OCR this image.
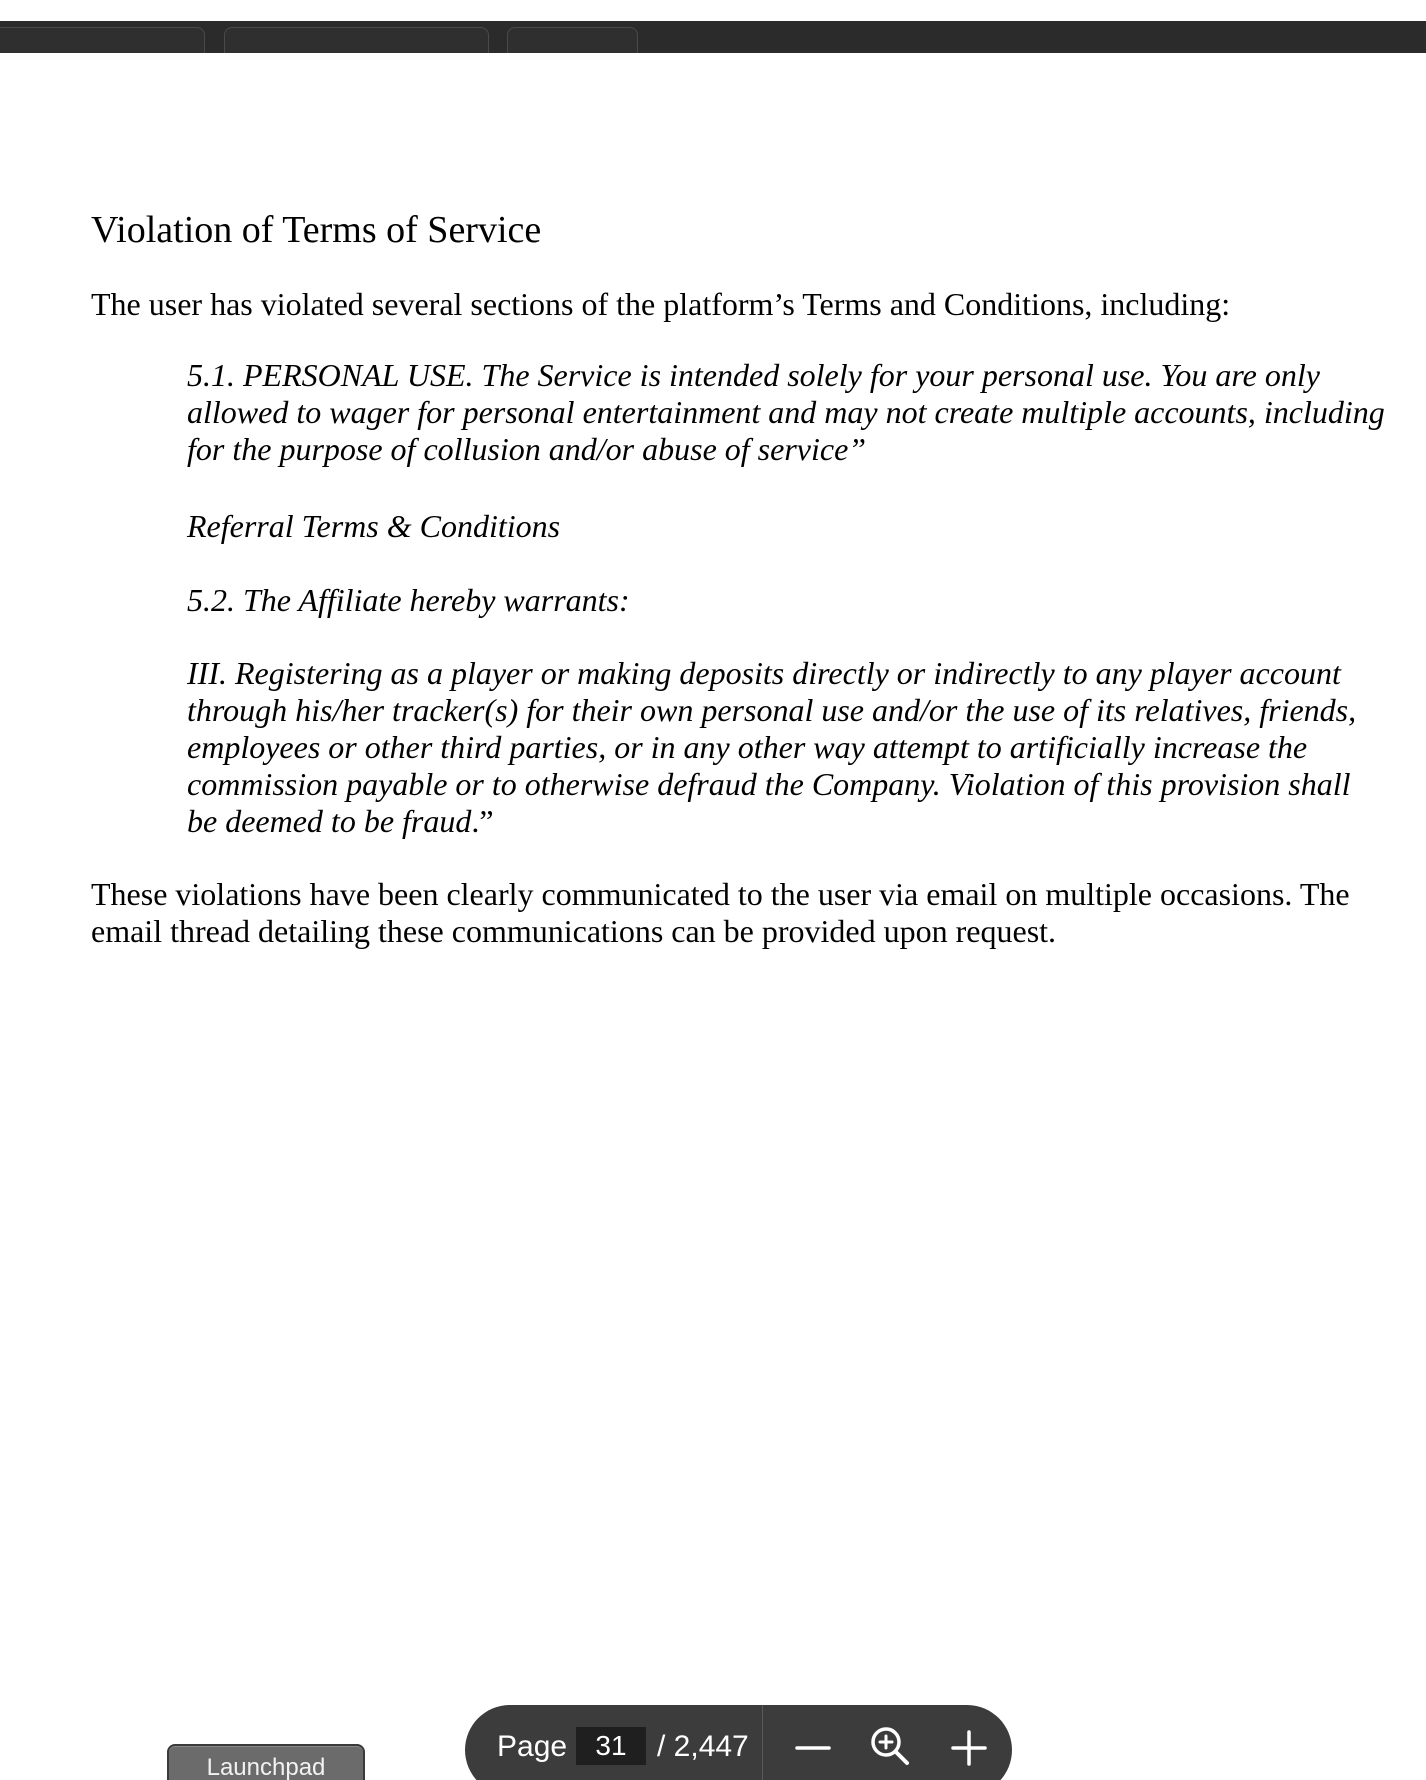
Violation of Terms of Service

The user has violated several sections of the platform’s Terms and Conditions, including:

5.1. PERSONAL USE. The Service is intended solely for your personal use. You are only allowed to wager for personal entertainment and may not create multiple accounts, including for the purpose of collusion and/or abuse of service”

Referral Terms & Conditions

5.2. The Affiliate hereby warrants:

III. Registering as a player or making deposits directly or indirectly to any player account through his/her tracker(s) for their own personal use and/or the use of its relatives, friends, employees or other third parties, or in any other way attempt to artificially increase the commission payable or to otherwise defraud the Company. Violation of this provision shall be deemed to be fraud.”

These violations have been clearly communicated to the user via email on multiple occasions. The email thread detailing these communications can be provided upon request.

Launchpad
Page
31	/ 2,447
